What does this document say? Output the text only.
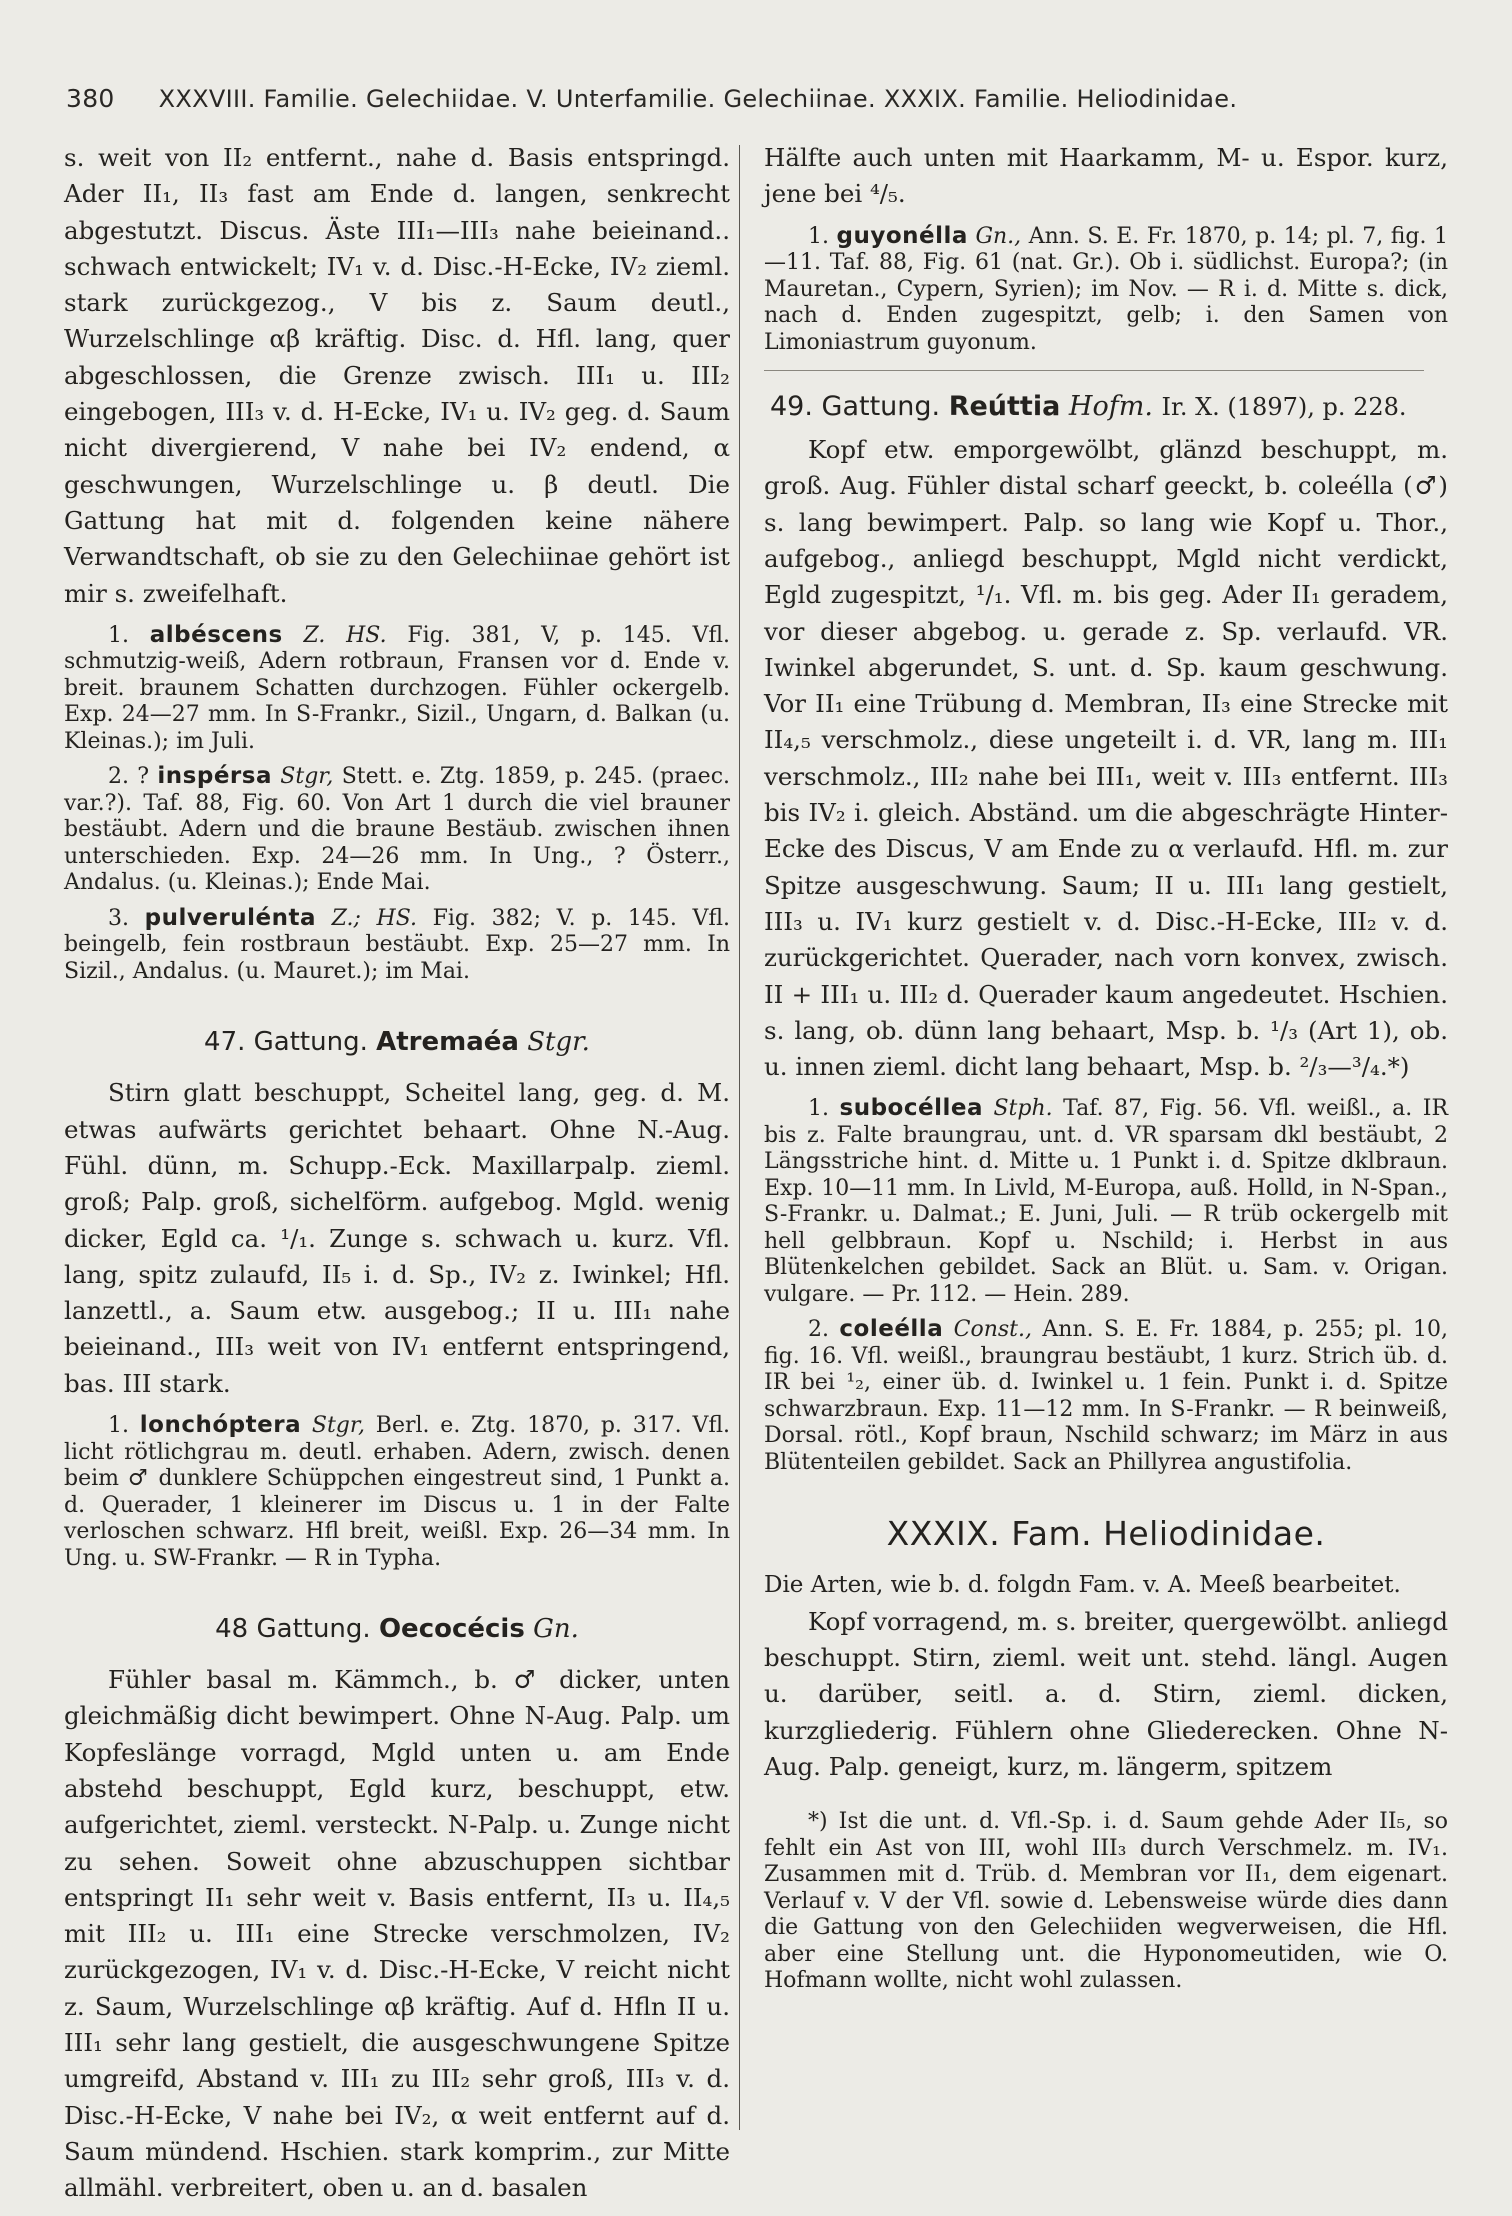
380 XXXVIII. Familie. Gelechiidae. V. Unterfamilie. Gelechiinae. XXXIX. Familie. Heliodinidae.

s. weit von II₂ entfernt., nahe d. Basis entspringd. Ader II₁, II₃ fast am Ende d. langen, senkrecht abgestutzt. Discus. Äste III₁—III₃ nahe beieinand.. schwach entwickelt; IV₁ v. d. Disc.-H-Ecke, IV₂ zieml. stark zurückgezog., V bis z. Saum deutl., Wurzelschlinge αβ kräftig. Disc. d. Hfl. lang, quer abgeschlossen, die Grenze zwisch. III₁ u. III₂ eingebogen, III₃ v. d. H-Ecke, IV₁ u. IV₂ geg. d. Saum nicht divergierend, V nahe bei IV₂ endend, α geschwungen, Wurzelschlinge u. β deutl. Die Gattung hat mit d. folgenden keine nähere Verwandtschaft, ob sie zu den Gelechiinae gehört ist mir s. zweifelhaft.

1. albéscens Z. HS. Fig. 381, V, p. 145. Vfl. schmutzig-weiß, Adern rotbraun, Fransen vor d. Ende v. breit. braunem Schatten durchzogen. Fühler ockergelb. Exp. 24—27 mm. In S-Frankr., Sizil., Ungarn, d. Balkan (u. Kleinas.); im Juli.

2. ? inspérsa Stgr, Stett. e. Ztg. 1859, p. 245. (praec. var.?). Taf. 88, Fig. 60. Von Art 1 durch die viel brauner bestäubt. Adern und die braune Bestäub. zwischen ihnen unterschieden. Exp. 24—26 mm. In Ung., ? Österr., Andalus. (u. Kleinas.); Ende Mai.

3. pulverulénta Z.; HS. Fig. 382; V. p. 145. Vfl. beingelb, fein rostbraun bestäubt. Exp. 25—27 mm. In Sizil., Andalus. (u. Mauret.); im Mai.

47. Gattung. Atremaéa Stgr.

Stirn glatt beschuppt, Scheitel lang, geg. d. M. etwas aufwärts gerichtet behaart. Ohne N.-Aug. Fühl. dünn, m. Schupp.-Eck. Maxillarpalp. zieml. groß; Palp. groß, sichelförm. aufgebog. Mgld. wenig dicker, Egld ca. ¹/₁. Zunge s. schwach u. kurz. Vfl. lang, spitz zulaufd, II₅ i. d. Sp., IV₂ z. Iwinkel; Hfl. lanzettl., a. Saum etw. ausgebog.; II u. III₁ nahe beieinand., III₃ weit von IV₁ entfernt entspringend, bas. III stark.

1. lonchóptera Stgr, Berl. e. Ztg. 1870, p. 317. Vfl. licht rötlichgrau m. deutl. erhaben. Adern, zwisch. denen beim ♂ dunklere Schüppchen eingestreut sind, 1 Punkt a. d. Querader, 1 kleinerer im Discus u. 1 in der Falte verloschen schwarz. Hfl breit, weißl. Exp. 26—34 mm. In Ung. u. SW-Frankr. — R in Typha.

48 Gattung. Oecocécis Gn.

Fühler basal m. Kämmch., b. ♂ dicker, unten gleichmäßig dicht bewimpert. Ohne N-Aug. Palp. um Kopfeslänge vorragd, Mgld unten u. am Ende abstehd beschuppt, Egld kurz, beschuppt, etw. aufgerichtet, zieml. versteckt. N-Palp. u. Zunge nicht zu sehen. Soweit ohne abzuschuppen sichtbar entspringt II₁ sehr weit v. Basis entfernt, II₃ u. II₄,₅ mit III₂ u. III₁ eine Strecke verschmolzen, IV₂ zurückgezogen, IV₁ v. d. Disc.-H-Ecke, V reicht nicht z. Saum, Wurzelschlinge αβ kräftig. Auf d. Hfln II u. III₁ sehr lang gestielt, die ausgeschwungene Spitze umgreifd, Abstand v. III₁ zu III₂ sehr groß, III₃ v. d. Disc.-H-Ecke, V nahe bei IV₂, α weit entfernt auf d. Saum mündend. Hschien. stark komprim., zur Mitte allmähl. verbreitert, oben u. an d. basalen

Hälfte auch unten mit Haarkamm, M- u. Espor. kurz, jene bei ⁴/₅.

1. guyonélla Gn., Ann. S. E. Fr. 1870, p. 14; pl. 7, fig. 1—11. Taf. 88, Fig. 61 (nat. Gr.). Ob i. südlichst. Europa?; (in Mauretan., Cypern, Syrien); im Nov. — R i. d. Mitte s. dick, nach d. Enden zugespitzt, gelb; i. den Samen von Limoniastrum guyonum.

49. Gattung. Reúttia Hofm. Ir. X. (1897), p. 228.

Kopf etw. emporgewölbt, glänzd beschuppt, m. groß. Aug. Fühler distal scharf geeckt, b. coleélla (♂) s. lang bewimpert. Palp. so lang wie Kopf u. Thor., aufgebog., anliegd beschuppt, Mgld nicht verdickt, Egld zugespitzt, ¹/₁. Vfl. m. bis geg. Ader II₁ geradem, vor dieser abgebog. u. gerade z. Sp. verlaufd. VR. Iwinkel abgerundet, S. unt. d. Sp. kaum geschwung. Vor II₁ eine Trübung d. Membran, II₃ eine Strecke mit II₄,₅ verschmolz., diese ungeteilt i. d. VR, lang m. III₁ verschmolz., III₂ nahe bei III₁, weit v. III₃ entfernt. III₃ bis IV₂ i. gleich. Abständ. um die abgeschrägte Hinter-Ecke des Discus, V am Ende zu α verlaufd. Hfl. m. zur Spitze ausgeschwung. Saum; II u. III₁ lang gestielt, III₃ u. IV₁ kurz gestielt v. d. Disc.-H-Ecke, III₂ v. d. zurückgerichtet. Querader, nach vorn konvex, zwisch. II + III₁ u. III₂ d. Querader kaum angedeutet. Hschien. s. lang, ob. dünn lang behaart, Msp. b. ¹/₃ (Art 1), ob. u. innen zieml. dicht lang behaart, Msp. b. ²/₃—³/₄.*)

1. subocéllea Stph. Taf. 87, Fig. 56. Vfl. weißl., a. IR bis z. Falte braungrau, unt. d. VR sparsam dkl bestäubt, 2 Längsstriche hint. d. Mitte u. 1 Punkt i. d. Spitze dklbraun. Exp. 10—11 mm. In Livld, M-Europa, auß. Holld, in N-Span., S-Frankr. u. Dalmat.; E. Juni, Juli. — R trüb ockergelb mit hell gelbbraun. Kopf u. Nschild; i. Herbst in aus Blütenkelchen gebildet. Sack an Blüt. u. Sam. v. Origan. vulgare. — Pr. 112. — Hein. 289.

2. coleélla Const., Ann. S. E. Fr. 1884, p. 255; pl. 10, fig. 16. Vfl. weißl., braungrau bestäubt, 1 kurz. Strich üb. d. IR bei ¹₂, einer üb. d. Iwinkel u. 1 fein. Punkt i. d. Spitze schwarzbraun. Exp. 11—12 mm. In S-Frankr. — R beinweiß, Dorsal. rötl., Kopf braun, Nschild schwarz; im März in aus Blütenteilen gebildet. Sack an Phillyrea angustifolia.

XXXIX. Fam. Heliodinidae.

Die Arten, wie b. d. folgdn Fam. v. A. Meeß bearbeitet.

Kopf vorragend, m. s. breiter, quergewölbt. anliegd beschuppt. Stirn, zieml. weit unt. stehd. längl. Augen u. darüber, seitl. a. d. Stirn, zieml. dicken, kurzgliederig. Fühlern ohne Gliederecken. Ohne N-Aug. Palp. geneigt, kurz, m. längerm, spitzem

*) Ist die unt. d. Vfl.-Sp. i. d. Saum gehde Ader II₅, so fehlt ein Ast von III, wohl III₃ durch Verschmelz. m. IV₁. Zusammen mit d. Trüb. d. Membran vor II₁, dem eigenart. Verlauf v. V der Vfl. sowie d. Lebensweise würde dies dann die Gattung von den Gelechiiden wegverweisen, die Hfl. aber eine Stellung unt. die Hyponomeutiden, wie O. Hofmann wollte, nicht wohl zulassen.
